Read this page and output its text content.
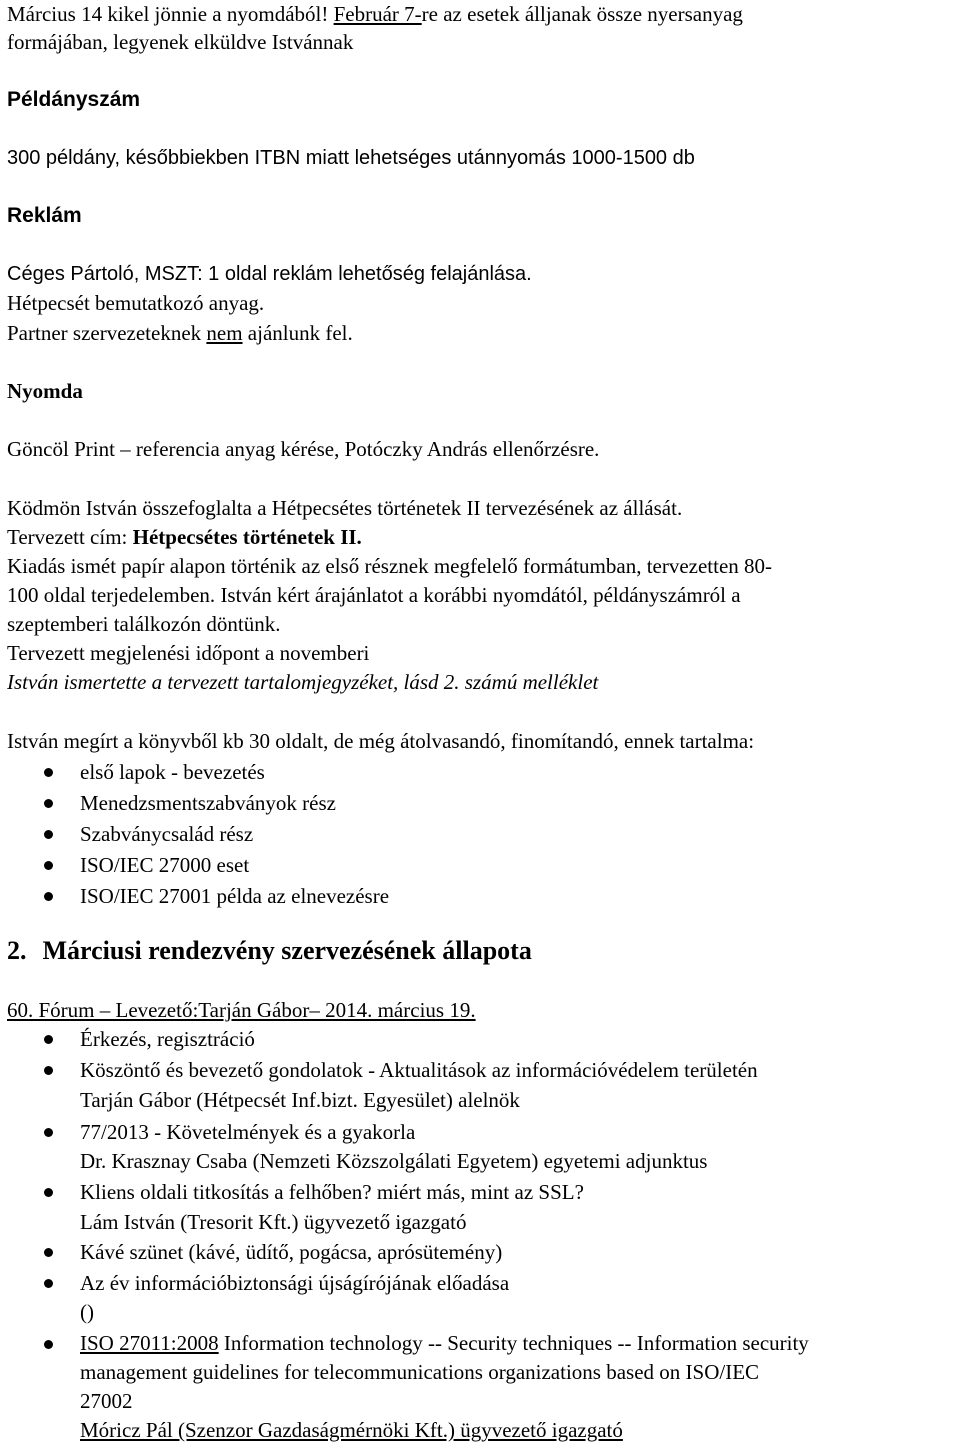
Március 14 kikel jönnie a nyomdából! Február 7-re az esetek álljanak össze nyersanyag
formájában, legyenek elküldve Istvánnak
Példányszám
300 példány, későbbiekben ITBN miatt lehetséges utánnyomás 1000-1500 db
Reklám
Céges Pártoló, MSZT: 1 oldal reklám lehetőség felajánlása.
Hétpecsét bemutatkozó anyag.
Partner szervezeteknek nem ajánlunk fel.
Nyomda
Göncöl Print – referencia anyag kérése, Potóczky András ellenőrzésre.
Ködmön István összefoglalta a Hétpecsétes történetek II tervezésének az állását.
Tervezett cím: Hétpecsétes történetek II.
Kiadás ismét papír alapon történik az első résznek megfelelő formátumban, tervezetten 80-
100 oldal terjedelemben. István kért árajánlatot a korábbi nyomdától, példányszámról a
szeptemberi találkozón döntünk.
Tervezett megjelenési időpont a novemberi
István ismertette a tervezett tartalomjegyzéket, lásd 2. számú melléklet
István megírt a könyvből kb 30 oldalt, de még átolvasandó, finomítandó, ennek tartalma:
első lapok - bevezetés
Menedzsmentszabványok rész
Szabványcsalád rész
ISO/IEC 27000 eset
ISO/IEC 27001 példa az elnevezésre
2. Márciusi rendezvény szervezésének állapota
60. Fórum – Levezető:Tarján Gábor– 2014. március 19.
Érkezés, regisztráció
Köszöntő és bevezető gondolatok - Aktualitások az információvédelem területén
Tarján Gábor (Hétpecsét Inf.bizt. Egyesület) alelnök
77/2013 - Követelmények és a gyakorla
Dr. Krasznay Csaba (Nemzeti Közszolgálati Egyetem) egyetemi adjunktus
Kliens oldali titkosítás a felhőben? miért más, mint az SSL?
Lám István (Tresorit Kft.) ügyvezető igazgató
Kávé szünet (kávé, üdítő, pogácsa, aprósütemény)
Az év információbiztonsági újságírójának előadása
()
ISO 27011:2008 Information technology -- Security techniques -- Information security
management guidelines for telecommunications organizations based on ISO/IEC
27002
Móricz Pál (Szenzor Gazdaságmérnöki Kft.) ügyvezető igazgató
